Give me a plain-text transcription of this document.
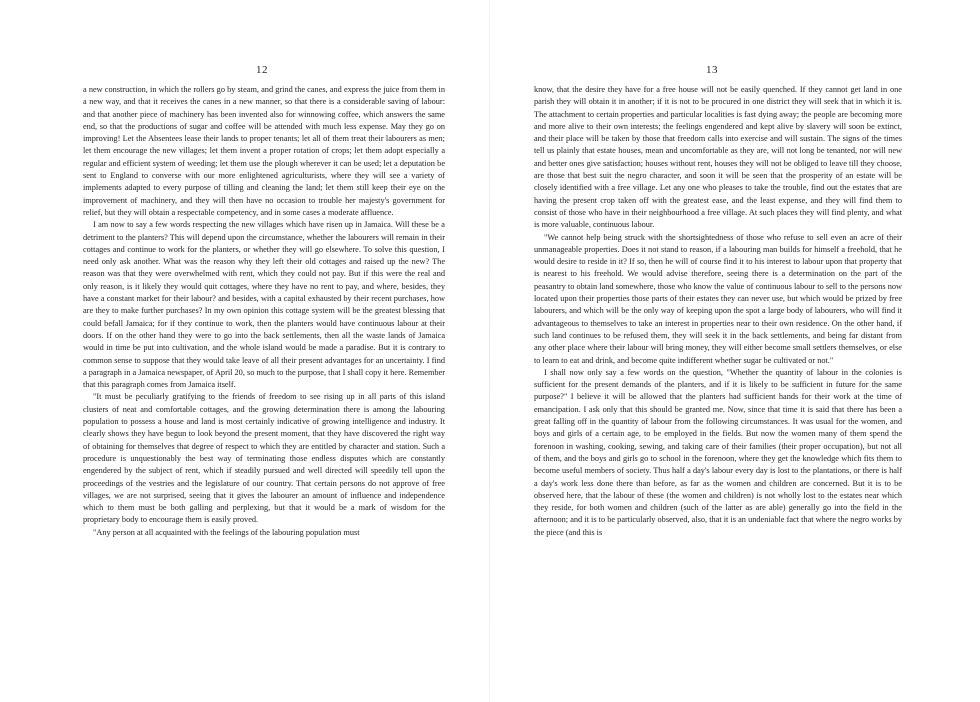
12

a new construction, in which the rollers go by steam, and grind the canes, and express the juice from them in a new way, and that it receives the canes in a new manner, so that there is a considerable saving of labour: and that another piece of machinery has been invented also for winnowing coffee, which answers the same end, so that the productions of sugar and coffee will be attended with much less expense. May they go on improving! Let the Absentees lease their lands to proper tenants; let all of them treat their labourers as men; let them encourage the new villages; let them invent a proper rotation of crops; let them adopt especially a regular and efficient system of weeding; let them use the plough wherever it can be used; let a deputation be sent to England to converse with our more enlightened agriculturists, where they will see a variety of implements adapted to every purpose of tilling and cleaning the land; let them still keep their eye on the improvement of machinery, and they will then have no occasion to trouble her majesty's government for relief, but they will obtain a respectable competency, and in some cases a moderate affluence.

I am now to say a few words respecting the new villages which have risen up in Jamaica. Will these be a detriment to the planters? This will depend upon the circumstance, whether the labourers will remain in their cottages and continue to work for the planters, or whether they will go elsewhere. To solve this question, I need only ask another. What was the reason why they left their old cottages and raised up the new? The reason was that they were overwhelmed with rent, which they could not pay. But if this were the real and only reason, is it likely they would quit cottages, where they have no rent to pay, and where, besides, they have a constant market for their labour? and besides, with a capital exhausted by their recent purchases, how are they to make further purchases? In my own opinion this cottage system will be the greatest blessing that could befall Jamaica; for if they continue to work, then the planters would have continuous labour at their doors. If on the other hand they were to go into the back settlements, then all the waste lands of Jamaica would in time be put into cultivation, and the whole island would be made a paradise. But it is contrary to common sense to suppose that they would take leave of all their present advantages for an uncertainty. I find a paragraph in a Jamaica newspaper, of April 20, so much to the purpose, that I shall copy it here. Remember that this paragraph comes from Jamaica itself.

"It must be peculiarly gratifying to the friends of freedom to see rising up in all parts of this island clusters of neat and comfortable cottages, and the growing determination there is among the labouring population to possess a house and land is most certainly indicative of growing intelligence and industry. It clearly shows they have begun to look beyond the present moment, that they have discovered the right way of obtaining for themselves that degree of respect to which they are entitled by character and station. Such a procedure is unquestionably the best way of terminating those endless disputes which are constantly engendered by the subject of rent, which if steadily pursued and well directed will speedily tell upon the proceedings of the vestries and the legislature of our country. That certain persons do not approve of free villages, we are not surprised, seeing that it gives the labourer an amount of influence and independence which to them must be both galling and perplexing, but that it would be a mark of wisdom for the proprietary body to encourage them is easily proved.

"Any person at all acquainted with the feelings of the labouring population must

13

know, that the desire they have for a free house will not be easily quenched. If they cannot get land in one parish they will obtain it in another; if it is not to be procured in one district they will seek that in which it is. The attachment to certain properties and particular localities is fast dying away; the people are becoming more and more alive to their own interests; the feelings engendered and kept alive by slavery will soon be extinct, and their place will be taken by those that freedom calls into exercise and will sustain. The signs of the times tell us plainly that estate houses, mean and uncomfortable as they are, will not long be tenanted, nor will new and better ones give satisfaction; houses without rent, houses they will not be obliged to leave till they choose, are those that best suit the negro character, and soon it will be seen that the prosperity of an estate will be closely identified with a free village. Let any one who pleases to take the trouble, find out the estates that are having the present crop taken off with the greatest ease, and the least expense, and they will find them to consist of those who have in their neighbourhood a free village. At such places they will find plenty, and what is more valuable, continuous labour.

"We cannot help being struck with the shortsightedness of those who refuse to sell even an acre of their unmanageable properties. Does it not stand to reason, if a labouring man builds for himself a freehold, that he would desire to reside in it? If so, then he will of course find it to his interest to labour upon that property that is nearest to his freehold. We would advise therefore, seeing there is a determination on the part of the peasantry to obtain land somewhere, those who know the value of continuous labour to sell to the persons now located upon their properties those parts of their estates they can never use, but which would be prized by free labourers, and which will be the only way of keeping upon the spot a large body of labourers, who will find it advantageous to themselves to take an interest in properties near to their own residence. On the other hand, if such land continues to be refused them, they will seek it in the back settlements, and being far distant from any other place where their labour will bring money, they will either become small settlers themselves, or else to learn to eat and drink, and become quite indifferent whether sugar be cultivated or not."

I shall now only say a few words on the question, "Whether the quantity of labour in the colonies is sufficient for the present demands of the planters, and if it is likely to be sufficient in future for the same purpose?" I believe it will be allowed that the planters had sufficient hands for their work at the time of emancipation. I ask only that this should be granted me. Now, since that time it is said that there has been a great falling off in the quantity of labour from the following circumstances. It was usual for the women, and boys and girls of a certain age, to be employed in the fields. But now the women many of them spend the forenoon in washing, cooking, sewing, and taking care of their families (their proper occupation), but not all of them, and the boys and girls go to school in the forenoon, where they get the knowledge which fits them to become useful members of society. Thus half a day's labour every day is lost to the plantations, or there is half a day's work less done there than before, as far as the women and children are concerned. But it is to be observed here, that the labour of these (the women and children) is not wholly lost to the estates near which they reside, for both women and children (such of the latter as are able) generally go into the field in the afternoon; and it is to be particularly observed, also, that it is an undeniable fact that where the negro works by the piece (and this is
